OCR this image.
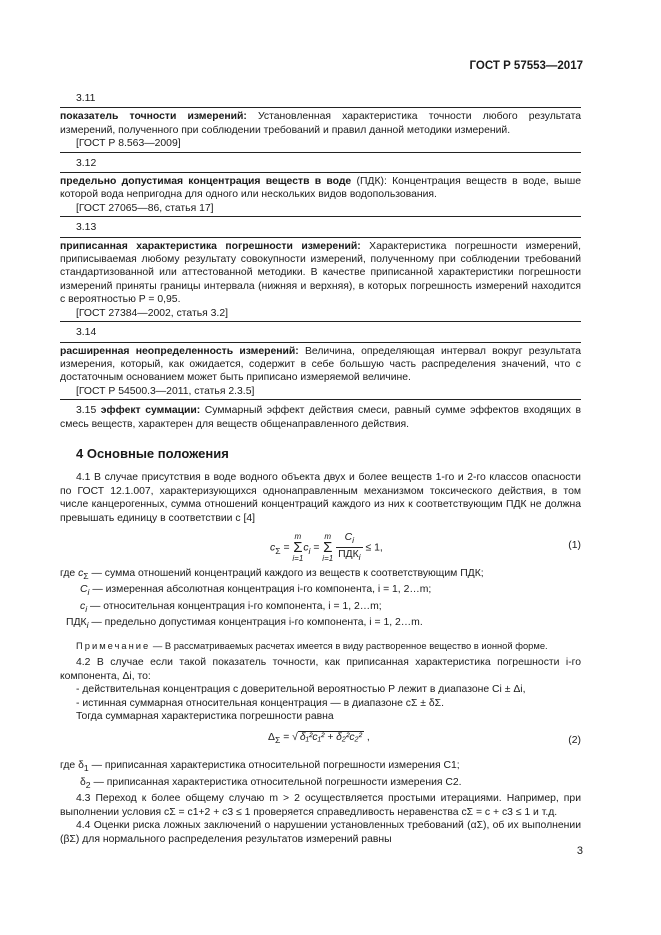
ГОСТ Р 57553—2017
3.11

показатель точности измерений: Установленная характеристика точности любого результата измерений, полученного при соблюдении требований и правил данной методики измерений.

[ГОСТ Р 8.563—2009]
3.12

предельно допустимая концентрация веществ в воде (ПДК): Концентрация веществ в воде, выше которой вода непригодна для одного или нескольких видов водопользования.

[ГОСТ 27065—86, статья 17]
3.13

приписанная характеристика погрешности измерений: Характеристика погрешности измерений, приписываемая любому результату совокупности измерений, полученному при соблюдении требований стандартизованной или аттестованной методики. В качестве приписанной характеристики погрешности измерений приняты границы интервала (нижняя и верхняя), в которых погрешность измерений находится с вероятностью P = 0,95.

[ГОСТ 27384—2002, статья 3.2]
3.14

расширенная неопределенность измерений: Величина, определяющая интервал вокруг результата измерения, который, как ожидается, содержит в себе большую часть распределения значений, что с достаточным основанием может быть приписано измеряемой величине.

[ГОСТ Р 54500.3—2011, статья 2.3.5]

3.15 эффект суммации: Суммарный эффект действия смеси, равный сумме эффектов входящих в смесь веществ, характерен для веществ общенаправленного действия.

4 Основные положения

4.1 В случае присутствия в воде водного объекта двух и более веществ 1-го и 2-го классов опасности по ГОСТ 12.1.007, характеризующихся однонаправленным механизмом токсического действия, в том числе канцерогенных, сумма отношений концентраций каждого из них к соответствующим ПДК не должна превышать единицу в соответствии с [4]

$c_\Sigma$ =
m
Σ
i=1
$c_i$ =
m
Σ
i=1
$\frac{C_i}{ПДК_i} \le 1$,	(1)
где $c_\Sigma$ — сумма отношений концентраций каждого из веществ к соответствующим ПДК;
$C_i$ — измеренная абсолютная концентрация i-го компонента, i = 1, 2…m;
$c_i$ — относительная концентрация i-го компонента, i = 1, 2…m;
$ПДК_i$ — предельно допустимая концентрация i-го компонента, i = 1, 2…m.

Примечание — В рассматриваемых расчетах имеется в виду растворенное вещество в ионной форме.

4.2 В случае если такой показатель точности, как приписанная характеристика погрешности i-го компонента, Δi, то:

- действительная концентрация c доверительной вероятностью P лежит в диапазоне Ci ± Δi,
- истинная суммарная относительная концентрация — в диапазоне cΣ ± δΣ.

Тогда суммарная характеристика погрешности равна

$\Delta_\Sigma$ = √ δ₁²c₁² + δ₂²c₂² ,	(2)
где $\delta_1$ — приписанная характеристика относительной погрешности измерения C1;
$\delta_2$ — приписанная характеристика относительной погрешности измерения C2.

4.3 Переход к более общему случаю m > 2 осуществляется простыми итерациями. Например, при выполнении условия cΣ = c1+2 + c3 ≤ 1 проверяется справедливость неравенства cΣ = c + c3 ≤ 1 и т.д.

4.4 Оценки риска ложных заключений о нарушении установленных требований (αΣ), об их выполнении (βΣ) для нормального распределения результатов измерений равны

3
